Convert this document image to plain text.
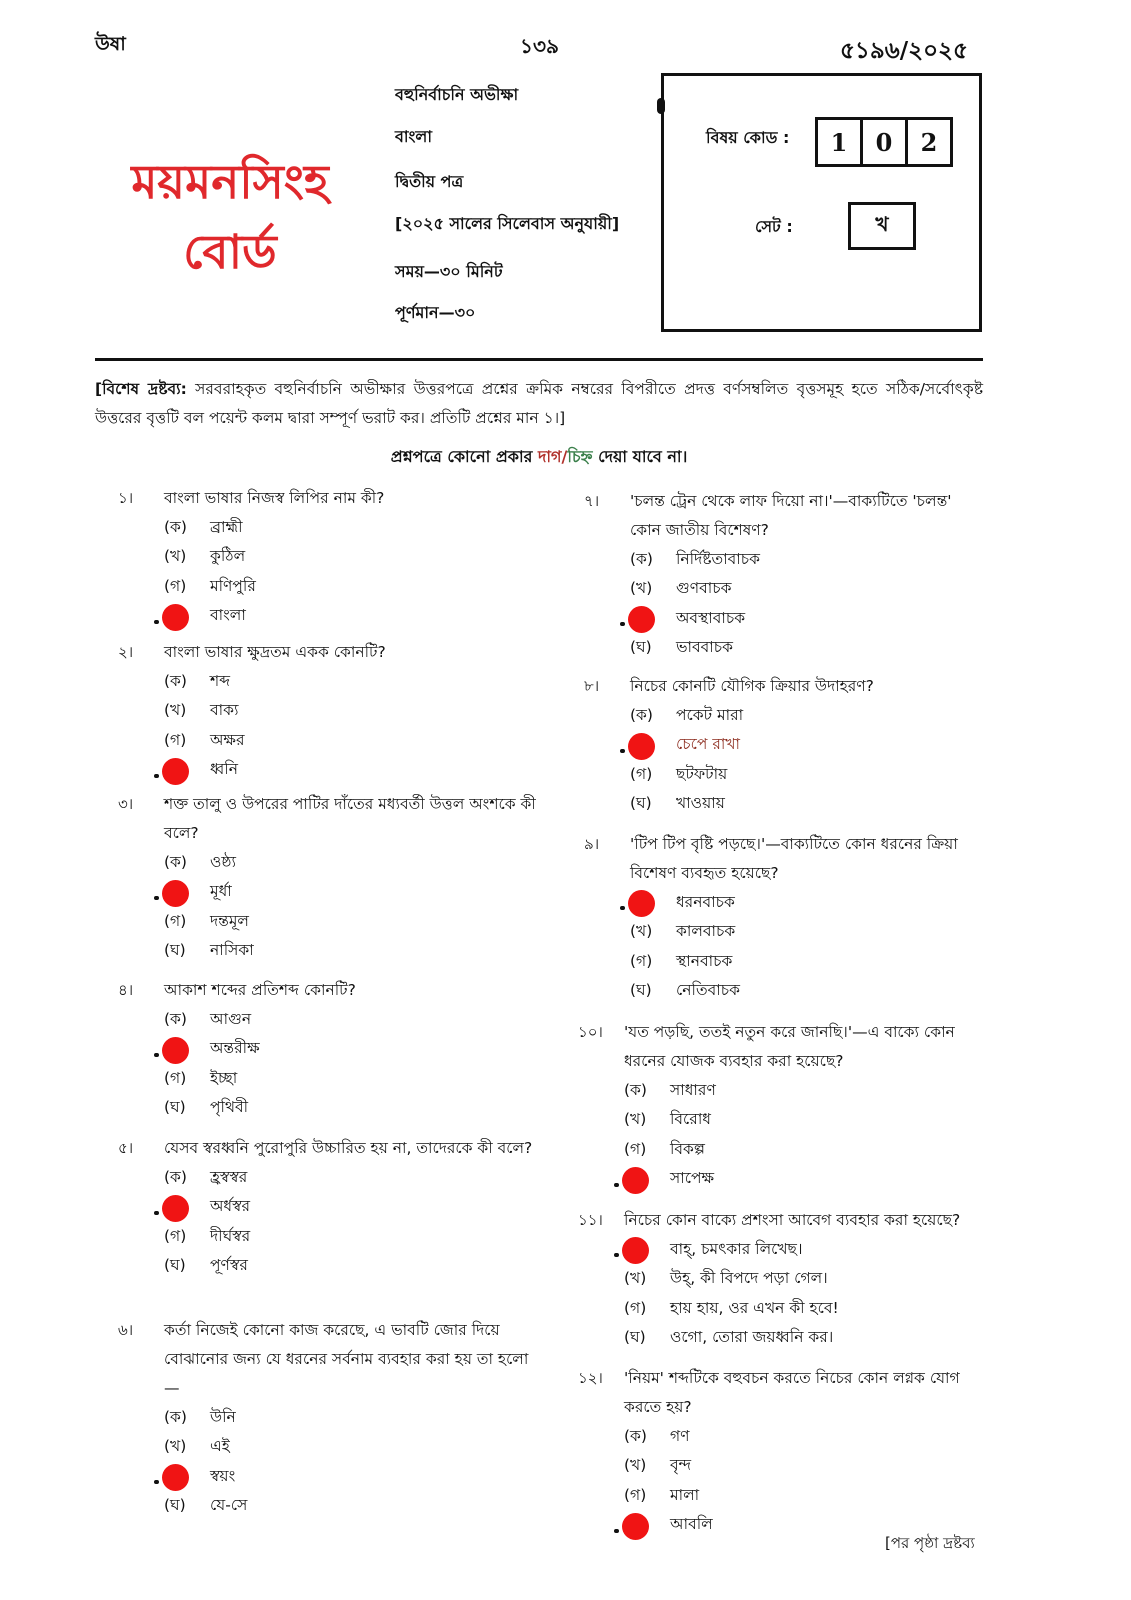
উষা	১৩৯	৫১৯৬/২০২৫
ময়মনসিংহ
বোর্ড
বহুনির্বাচনি অভীক্ষা
বাংলা
দ্বিতীয় পত্র
[২০২৫ সালের সিলেবাস অনুযায়ী]
সময়—৩০ মিনিট
পূর্ণমান—৩০
বিষয় কোড :	1	0	2
সেট :	খ
[বিশেষ দ্রষ্টব্য: সরবরাহকৃত বহুনির্বাচনি অভীক্ষার উত্তরপত্রে প্রশ্নের ক্রমিক নম্বরের বিপরীতে প্রদত্ত বর্ণসম্বলিত বৃত্তসমূহ হতে সঠিক/সর্বোৎকৃষ্ট উত্তরের বৃত্তটি বল পয়েন্ট কলম দ্বারা সম্পূর্ণ ভরাট কর। প্রতিটি প্রশ্নের মান ১।]
প্রশ্নপত্রে কোনো প্রকার দাগ/চিহ্ন দেয়া যাবে না।
১।	বাংলা ভাষার নিজস্ব লিপির নাম কী?
(ক)	ব্রাহ্মী
(খ)	কুঠিল
(গ)	মণিপুরি
বাংলা
২।	বাংলা ভাষার ক্ষুদ্রতম একক কোনটি?
(ক)	শব্দ
(খ)	বাক্য
(গ)	অক্ষর
ধ্বনি
৩।	শক্ত তালু ও উপরের পাটির দাঁতের মধ্যবর্তী উত্তল অংশকে কী বলে?
(ক)	ওষ্ঠ্য
মূর্ধা
(গ)	দন্তমূল
(ঘ)	নাসিকা
৪।	আকাশ শব্দের প্রতিশব্দ কোনটি?
(ক)	আগুন
অন্তরীক্ষ
(গ)	ইচ্ছা
(ঘ)	পৃথিবী
৫।	যেসব স্বরধ্বনি পুরোপুরি উচ্চারিত হয় না, তাদেরকে কী বলে?
(ক)	হ্রস্বস্বর
অর্ধস্বর
(গ)	দীর্ঘস্বর
(ঘ)	পূর্ণস্বর
৬।	কর্তা নিজেই কোনো কাজ করেছে, এ ভাবটি জোর দিয়ে বোঝানোর জন্য যে ধরনের সর্বনাম ব্যবহার করা হয় তা হলো—
(ক)	উনি
(খ)	এই
স্বয়ং
(ঘ)	যে-সে
৭।	'চলন্ত ট্রেন থেকে লাফ দিয়ো না।'—বাক্যটিতে 'চলন্ত' কোন জাতীয় বিশেষণ?
(ক)	নির্দিষ্টতাবাচক
(খ)	গুণবাচক
অবস্থাবাচক
(ঘ)	ভাববাচক
৮।	নিচের কোনটি যৌগিক ক্রিয়ার উদাহরণ?
(ক)	পকেট মারা
চেপে রাখা
(গ)	ছটফটায়
(ঘ)	খাওয়ায়
৯।	'টিপ টিপ বৃষ্টি পড়ছে।'—বাক্যটিতে কোন ধরনের ক্রিয়া বিশেষণ ব্যবহৃত হয়েছে?
ধরনবাচক
(খ)	কালবাচক
(গ)	স্থানবাচক
(ঘ)	নেতিবাচক
১০।	'যত পড়ছি, ততই নতুন করে জানছি।'—এ বাক্যে কোন ধরনের যোজক ব্যবহার করা হয়েছে?
(ক)	সাধারণ
(খ)	বিরোধ
(গ)	বিকল্প
সাপেক্ষ
১১।	নিচের কোন বাক্যে প্রশংসা আবেগ ব্যবহার করা হয়েছে?
বাহ্, চমৎকার লিখেছ।
(খ)	উহ্, কী বিপদে পড়া গেল।
(গ)	হায় হায়, ওর এখন কী হবে!
(ঘ)	ওগো, তোরা জয়ধ্বনি কর।
১২।	'নিয়ম' শব্দটিকে বহুবচন করতে নিচের কোন লগ্নক যোগ করতে হয়?
(ক)	গণ
(খ)	বৃন্দ
(গ)	মালা
আবলি
[পর পৃষ্ঠা দ্রষ্টব্য
